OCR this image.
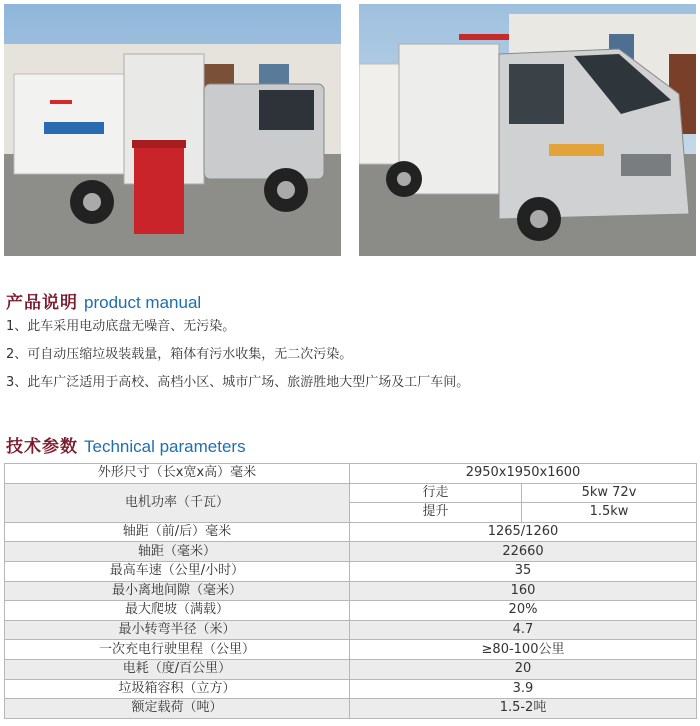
产品说明 product manual
1、此车采用电动底盘无噪音、无污染。
2、可自动压缩垃圾装载量，箱体有污水收集，无二次污染。
3、此车广泛适用于高校、高档小区、城市广场、旅游胜地大型广场及工厂车间。
技术参数 Technical parameters
外形尺寸（长x宽x高）毫米	2950x1950x1600	
电机功率（千瓦）	行走	5kw 72v
	提升	1.5kw
轴距（前/后）毫米	1265/1260	
轴距（毫米）	22660	
最高车速（公里/小时）	35	
最小离地间隙（毫米）	160	
最大爬坡（满载）	20%	
最小转弯半径（米）	4.7	
一次充电行驶里程（公里）	≥80-100公里	
电耗（度/百公里）	20	
垃圾箱容积（立方）	3.9	
额定载荷（吨）	1.5-2吨	
